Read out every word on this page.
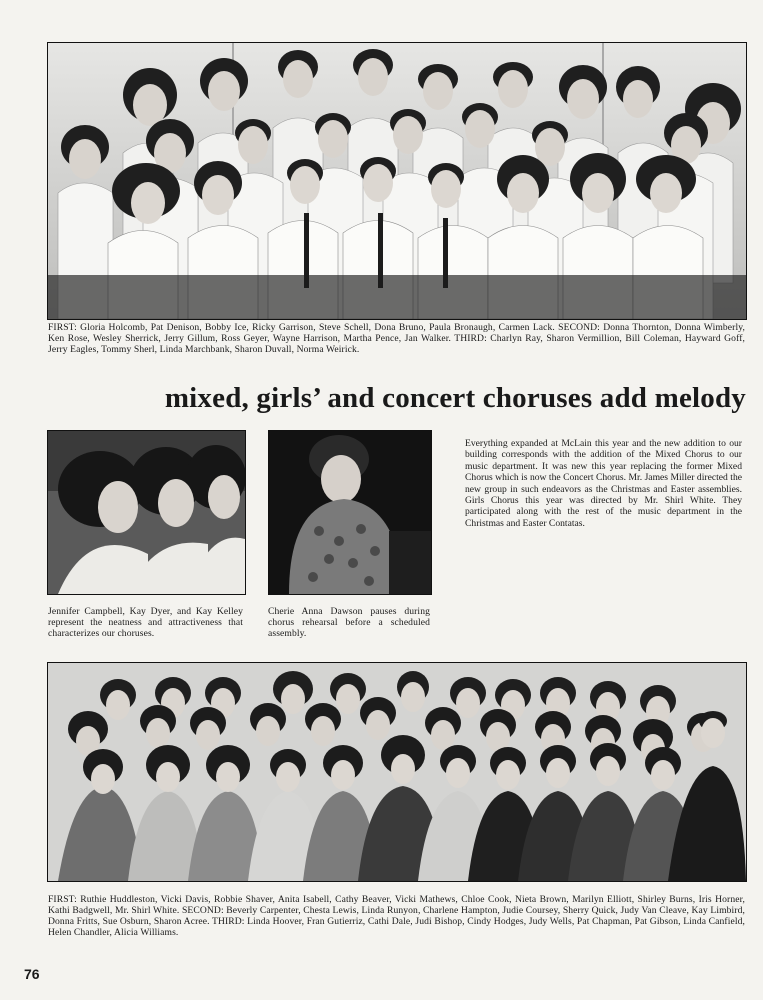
FIRST: Gloria Holcomb, Pat Denison, Bobby Ice, Ricky Garrison, Steve Schell, Dona Bruno, Paula Bronaugh, Carmen Lack. SECOND: Donna Thornton, Donna Wimberly, Ken Rose, Wesley Sherrick, Jerry Gillum, Ross Geyer, Wayne Harrison, Martha Pence, Jan Walker. THIRD: Charlyn Ray, Sharon Vermillion, Bill Coleman, Hayward Goff, Jerry Eagles, Tommy Sherl, Linda Marchbank, Sharon Duvall, Norma Weirick.

mixed, girls’ and concert choruses add melody

Jennifer Campbell, Kay Dyer, and Kay Kelley represent the neatness and attractiveness that characterizes our choruses.

Cherie Anna Dawson pauses during chorus rehearsal before a scheduled assembly.

Everything expanded at McLain this year and the new addition to our building corresponds with the addition of the Mixed Chorus to our music department. It was new this year replacing the former Mixed Chorus which is now the Concert Chorus. Mr. James Miller directed the new group in such endeavors as the Christmas and Easter assemblies. Girls Chorus this year was directed by Mr. Shirl White. They participated along with the rest of the music department in the Christmas and Easter Contatas.

FIRST: Ruthie Huddleston, Vicki Davis, Robbie Shaver, Anita Isabell, Cathy Beaver, Vicki Mathews, Chloe Cook, Nieta Brown, Marilyn Elliott, Shirley Burns, Iris Horner, Kathi Badgwell, Mr. Shirl White. SECOND: Beverly Carpenter, Chesta Lewis, Linda Runyon, Charlene Hampton, Judie Coursey, Sherry Quick, Judy Van Cleave, Kay Limbird, Donna Fritts, Sue Osburn, Sharon Acree. THIRD: Linda Hoover, Fran Gutierriz, Cathi Dale, Judi Bishop, Cindy Hodges, Judy Wells, Pat Chapman, Pat Gibson, Linda Canfield, Helen Chandler, Alicia Williams.

76
